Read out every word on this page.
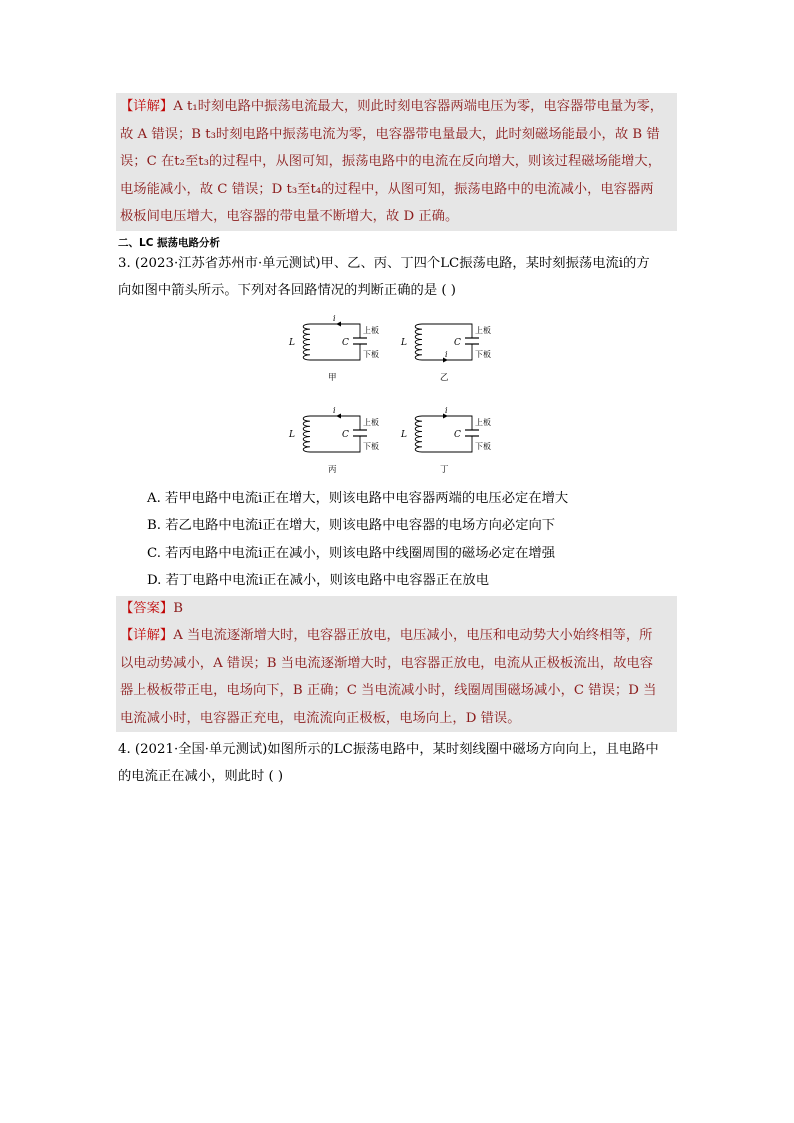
【详解】A t₁时刻电路中振荡电流最大，则此时刻电容器两端电压为零，电容器带电量为零，
故 A 错误；B t₃时刻电路中振荡电流为零，电容器带电量最大，此时刻磁场能最小，故 B 错
误；C 在t₂至t₃的过程中，从图可知，振荡电路中的电流在反向增大，则该过程磁场能增大，
电场能减小，故 C 错误；D t₃至t₄的过程中，从图可知，振荡电路中的电流减小，电容器两
极板间电压增大，电容器的带电量不断增大，故 D 正确。
二、LC 振荡电路分析
3. (2023·江苏省苏州市·单元测试)甲、乙、丙、丁四个LC振荡电路，某时刻振荡电流i的方
向如图中箭头所示。下列对各回路情况的判断正确的是 ( )
L	C
上板
下板
甲
i
L	C
上板
下板
乙
i
L	C
上板
下板
丙
i
L	C
上板
下板
丁
i
A. 若甲电路中电流i正在增大，则该电路中电容器两端的电压必定在增大
B. 若乙电路中电流i正在增大，则该电路中电容器的电场方向必定向下
C. 若丙电路中电流i正在减小，则该电路中线圈周围的磁场必定在增强
D. 若丁电路中电流i正在减小，则该电路中电容器正在放电
【答案】B
【详解】A 当电流逐渐增大时，电容器正放电，电压减小，电压和电动势大小始终相等，所
以电动势减小，A 错误；B 当电流逐渐增大时，电容器正放电，电流从正极板流出，故电容
器上极板带正电，电场向下，B 正确；C 当电流减小时，线圈周围磁场减小，C 错误；D 当
电流减小时，电容器正充电，电流流向正极板，电场向上，D 错误。
4. (2021·全国·单元测试)如图所示的LC振荡电路中，某时刻线圈中磁场方向向上，且电路中
的电流正在减小，则此时 ( )
